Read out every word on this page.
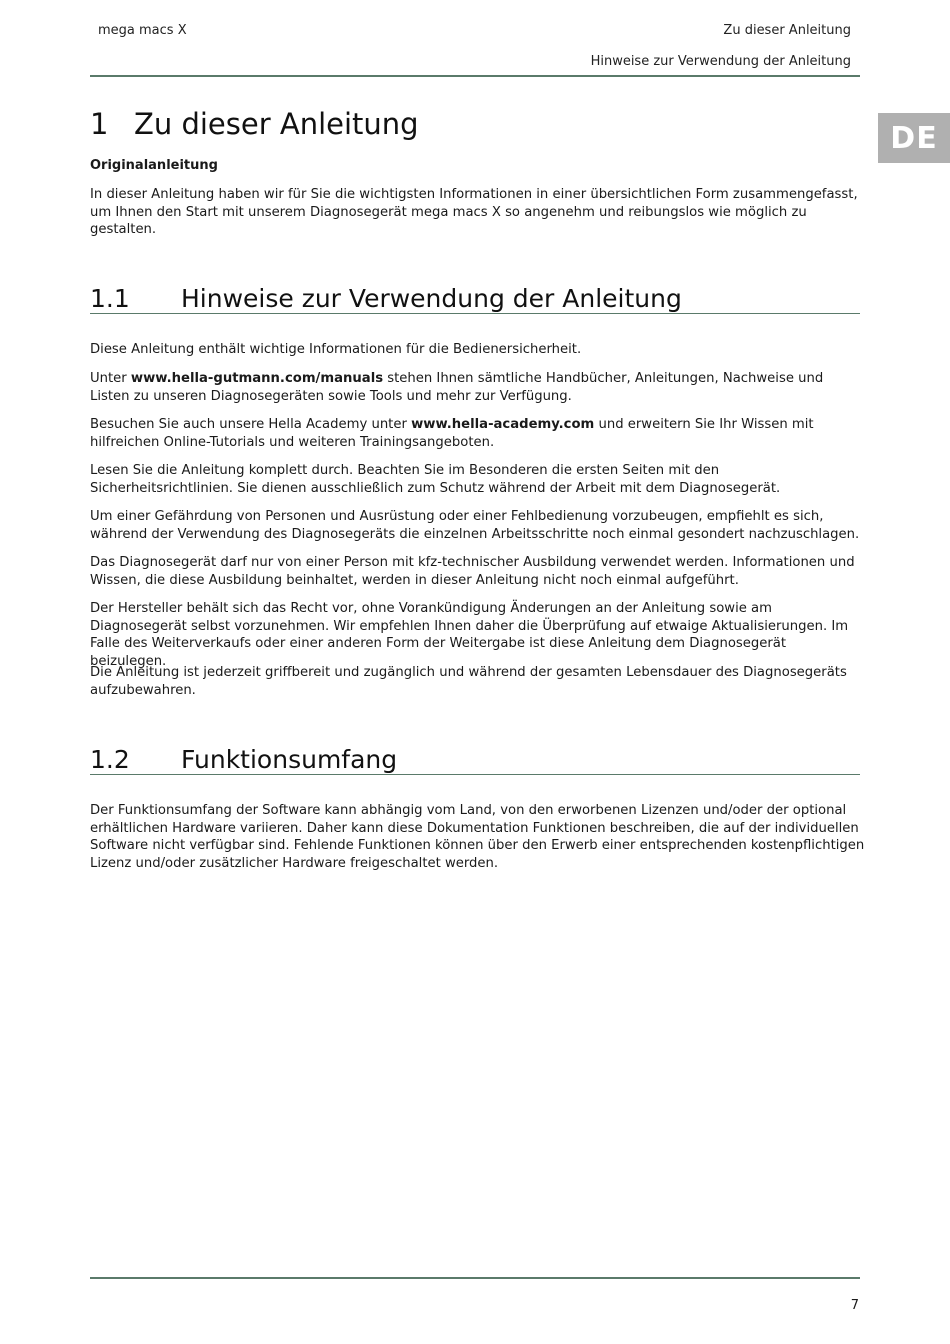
mega macs X	Zu dieser Anleitung
Hinweise zur Verwendung der Anleitung
DE
1 Zu dieser Anleitung
Originalanleitung

In dieser Anleitung haben wir für Sie die wichtigsten Informationen in einer übersichtlichen Form zusammengefasst, um Ihnen den Start mit unserem Diagnosegerät mega macs X so angenehm und reibungslos wie möglich zu gestalten.

1.1 Hinweise zur Verwendung der Anleitung

Diese Anleitung enthält wichtige Informationen für die Bedienersicherheit.

Unter www.hella-gutmann.com/manuals stehen Ihnen sämtliche Handbücher, Anleitungen, Nachweise und Listen zu unseren Diagnosegeräten sowie Tools und mehr zur Verfügung.

Besuchen Sie auch unsere Hella Academy unter www.hella-academy.com und erweitern Sie Ihr Wissen mit hilfreichen Online-Tutorials und weiteren Trainingsangeboten.

Lesen Sie die Anleitung komplett durch. Beachten Sie im Besonderen die ersten Seiten mit den Sicherheitsrichtlinien. Sie dienen ausschließlich zum Schutz während der Arbeit mit dem Diagnosegerät.

Um einer Gefährdung von Personen und Ausrüstung oder einer Fehlbedienung vorzubeugen, empfiehlt es sich, während der Verwendung des Diagnosegeräts die einzelnen Arbeitsschritte noch einmal gesondert nachzuschlagen.

Das Diagnosegerät darf nur von einer Person mit kfz-technischer Ausbildung verwendet werden. Informationen und Wissen, die diese Ausbildung beinhaltet, werden in dieser Anleitung nicht noch einmal aufgeführt.

Der Hersteller behält sich das Recht vor, ohne Vorankündigung Änderungen an der Anleitung sowie am Diagnosegerät selbst vorzunehmen. Wir empfehlen Ihnen daher die Überprüfung auf etwaige Aktualisierungen. Im Falle des Weiterverkaufs oder einer anderen Form der Weitergabe ist diese Anleitung dem Diagnosegerät beizulegen.

Die Anleitung ist jederzeit griffbereit und zugänglich und während der gesamten Lebensdauer des Diagnosegeräts aufzubewahren.

1.2 Funktionsumfang

Der Funktionsumfang der Software kann abhängig vom Land, von den erworbenen Lizenzen und/oder der optional erhältlichen Hardware variieren. Daher kann diese Dokumentation Funktionen beschreiben, die auf der individuellen Software nicht verfügbar sind. Fehlende Funktionen können über den Erwerb einer entsprechenden kostenpflichtigen Lizenz und/oder zusätzlicher Hardware freigeschaltet werden.

7
